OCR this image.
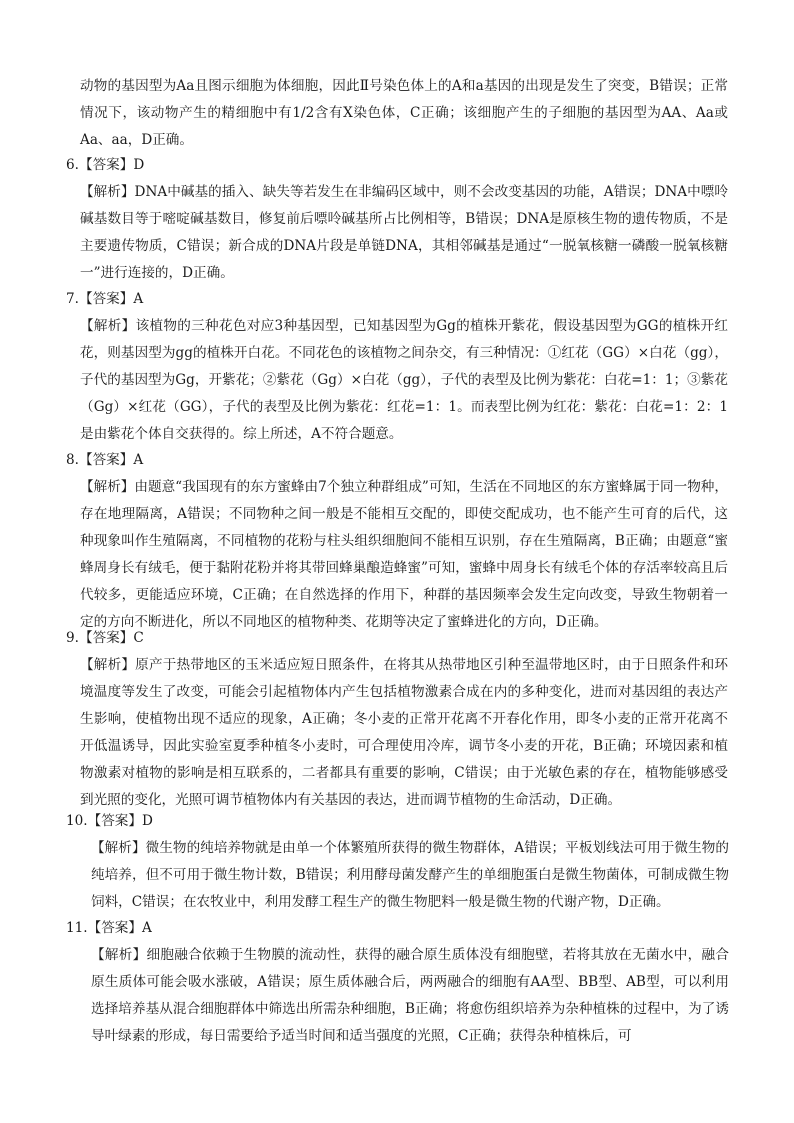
动物的基因型为Aa且图示细胞为体细胞，因此Ⅱ号染色体上的A和a基因的出现是发生了突变，B错误；正常情况下，该动物产生的精细胞中有1/2含有X染色体，C正确；该细胞产生的子细胞的基因型为AA、Aa或Aa、aa，D正确。

6.【答案】D

【解析】DNA中碱基的插入、缺失等若发生在非编码区域中，则不会改变基因的功能，A错误；DNA中嘌呤碱基数目等于嘧啶碱基数目，修复前后嘌呤碱基所占比例相等，B错误；DNA是原核生物的遗传物质，不是主要遗传物质，C错误；新合成的DNA片段是单链DNA，其相邻碱基是通过“一脱氧核糖一磷酸一脱氧核糖一”进行连接的，D正确。

7.【答案】A

【解析】该植物的三种花色对应3种基因型，已知基因型为Gg的植株开紫花，假设基因型为GG的植株开红花，则基因型为gg的植株开白花。不同花色的该植物之间杂交，有三种情况：①红花（GG）×白花（gg），子代的基因型为Gg，开紫花；②紫花（Gg）×白花（gg），子代的表型及比例为紫花：白花=1：1；③紫花（Gg）×红花（GG），子代的表型及比例为紫花：红花=1：1。而表型比例为红花：紫花：白花=1：2：1是由紫花个体自交获得的。综上所述，A不符合题意。

8.【答案】A

【解析】由题意“我国现有的东方蜜蜂由7个独立种群组成”可知，生活在不同地区的东方蜜蜂属于同一物种，存在地理隔离，A错误；不同物种之间一般是不能相互交配的，即使交配成功，也不能产生可育的后代，这种现象叫作生殖隔离，不同植物的花粉与柱头组织细胞间不能相互识别，存在生殖隔离，B正确；由题意“蜜蜂周身长有绒毛，便于黏附花粉并将其带回蜂巢酿造蜂蜜”可知，蜜蜂中周身长有绒毛个体的存活率较高且后代较多，更能适应环境，C正确；在自然选择的作用下，种群的基因频率会发生定向改变，导致生物朝着一定的方向不断进化，所以不同地区的植物种类、花期等决定了蜜蜂进化的方向，D正确。

9.【答案】C

【解析】原产于热带地区的玉米适应短日照条件，在将其从热带地区引种至温带地区时，由于日照条件和环境温度等发生了改变，可能会引起植物体内产生包括植物激素合成在内的多种变化，进而对基因组的表达产生影响，使植物出现不适应的现象，A正确；冬小麦的正常开花离不开春化作用，即冬小麦的正常开花离不开低温诱导，因此实验室夏季种植冬小麦时，可合理使用冷库，调节冬小麦的开花，B正确；环境因素和植物激素对植物的影响是相互联系的，二者都具有重要的影响，C错误；由于光敏色素的存在，植物能够感受到光照的变化，光照可调节植物体内有关基因的表达，进而调节植物的生命活动，D正确。

10.【答案】D

【解析】微生物的纯培养物就是由单一个体繁殖所获得的微生物群体，A错误；平板划线法可用于微生物的纯培养，但不可用于微生物计数，B错误；利用酵母菌发酵产生的单细胞蛋白是微生物菌体，可制成微生物饲料，C错误；在农牧业中，利用发酵工程生产的微生物肥料一般是微生物的代谢产物，D正确。

11.【答案】A

【解析】细胞融合依赖于生物膜的流动性，获得的融合原生质体没有细胞壁，若将其放在无菌水中，融合原生质体可能会吸水涨破，A错误；原生质体融合后，两两融合的细胞有AA型、BB型、AB型，可以利用选择培养基从混合细胞群体中筛选出所需杂种细胞，B正确；将愈伤组织培养为杂种植株的过程中，为了诱导叶绿素的形成，每日需要给予适当时间和适当强度的光照，C正确；获得杂种植株后，可
